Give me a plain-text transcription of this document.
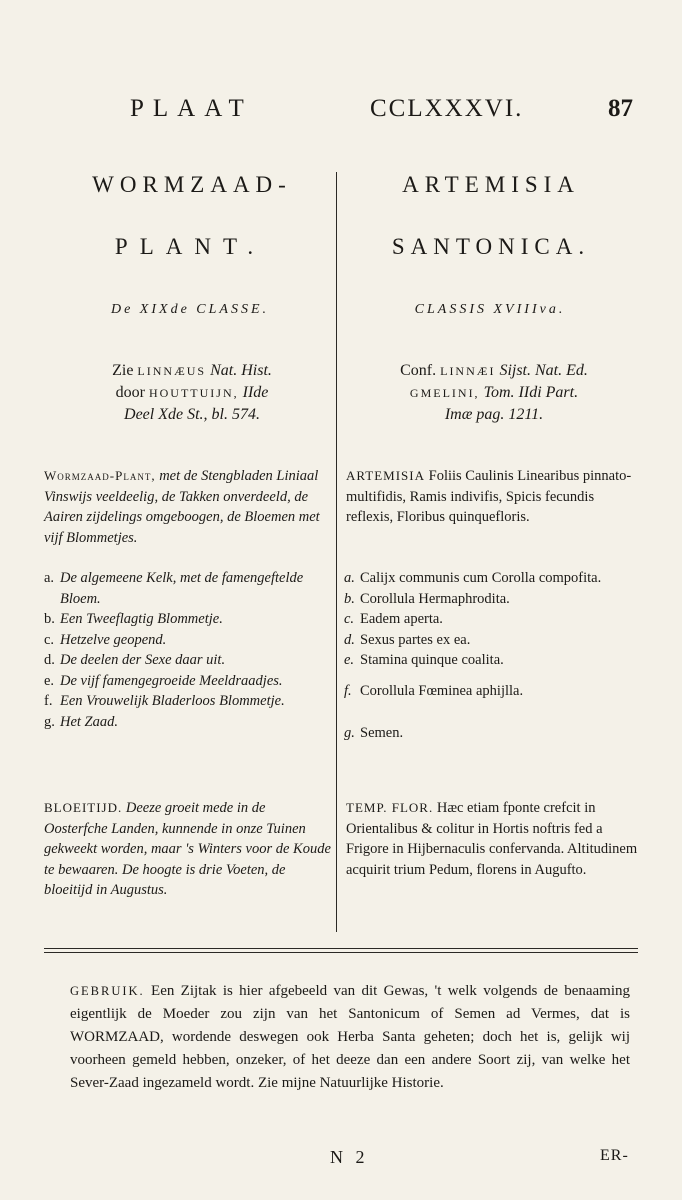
PLAAT	CCLXXXVI.	87
WORMZAAD-
PLANT.
De XIXde CLASSE.
Zie LINNÆUS Nat. Hist.
door HOUTTUIJN, IIde
Deel Xde St., bl. 574.
Wormzaad-Plant, met de Stengbladen Liniaal Vinswijs veeldeelig, de Takken onverdeeld, de Aairen zijdelings omgeboogen, de Bloemen met vijf Blommetjes.
a. De algemeene Kelk, met de famengeftelde Bloem.
b. Een Tweeflagtig Blommetje.
c. Hetzelve geopend.
d. De deelen der Sexe daar uit.
e. De vijf famengegroeide Meeldraadjes.
f. Een Vrouwelijk Bladerloos Blommetje.
g. Het Zaad.
BLOEITIJD. Deeze groeit mede in de Oosterfche Landen, kunnende in onze Tuinen gekweekt worden, maar 's Winters voor de Koude te bewaaren. De hoogte is drie Voeten, de bloeitijd in Augustus.
ARTEMISIA
SANTONICA.
CLASSIS XVIIIva.
Conf. LINNÆI Sijst. Nat. Ed.
GMELINI, Tom. IIdi Part.
Imæ pag. 1211.
ARTEMISIA Foliis Caulinis Linearibus pinnato-multifidis, Ramis indivifis, Spicis fecundis reflexis, Floribus quinquefloris.
a. Calijx communis cum Corolla compofita.
b. Corollula Hermaphrodita.
c. Eadem aperta.
d. Sexus partes ex ea.
e. Stamina quinque coalita.
f. Corollula Fœminea aphijlla.
g. Semen.
TEMP. FLOR. Hæc etiam fponte crefcit in Orientalibus & colitur in Hortis noftris fed a Frigore in Hijbernaculis confervanda. Altitudinem acquirit trium Pedum, florens in Augufto.
GEBRUIK. Een Zijtak is hier afgebeeld van dit Gewas, 't welk volgends de benaaming eigentlijk de Moeder zou zijn van het Santonicum of Semen ad Vermes, dat is WORMZAAD, wordende deswegen ook Herba Santa geheten; doch het is, gelijk wij voorheen gemeld hebben, onzeker, of het deeze dan een andere Soort zij, van welke het Sever-Zaad ingezameld wordt. Zie mijne Natuurlijke Historie.
N 2	ER-
